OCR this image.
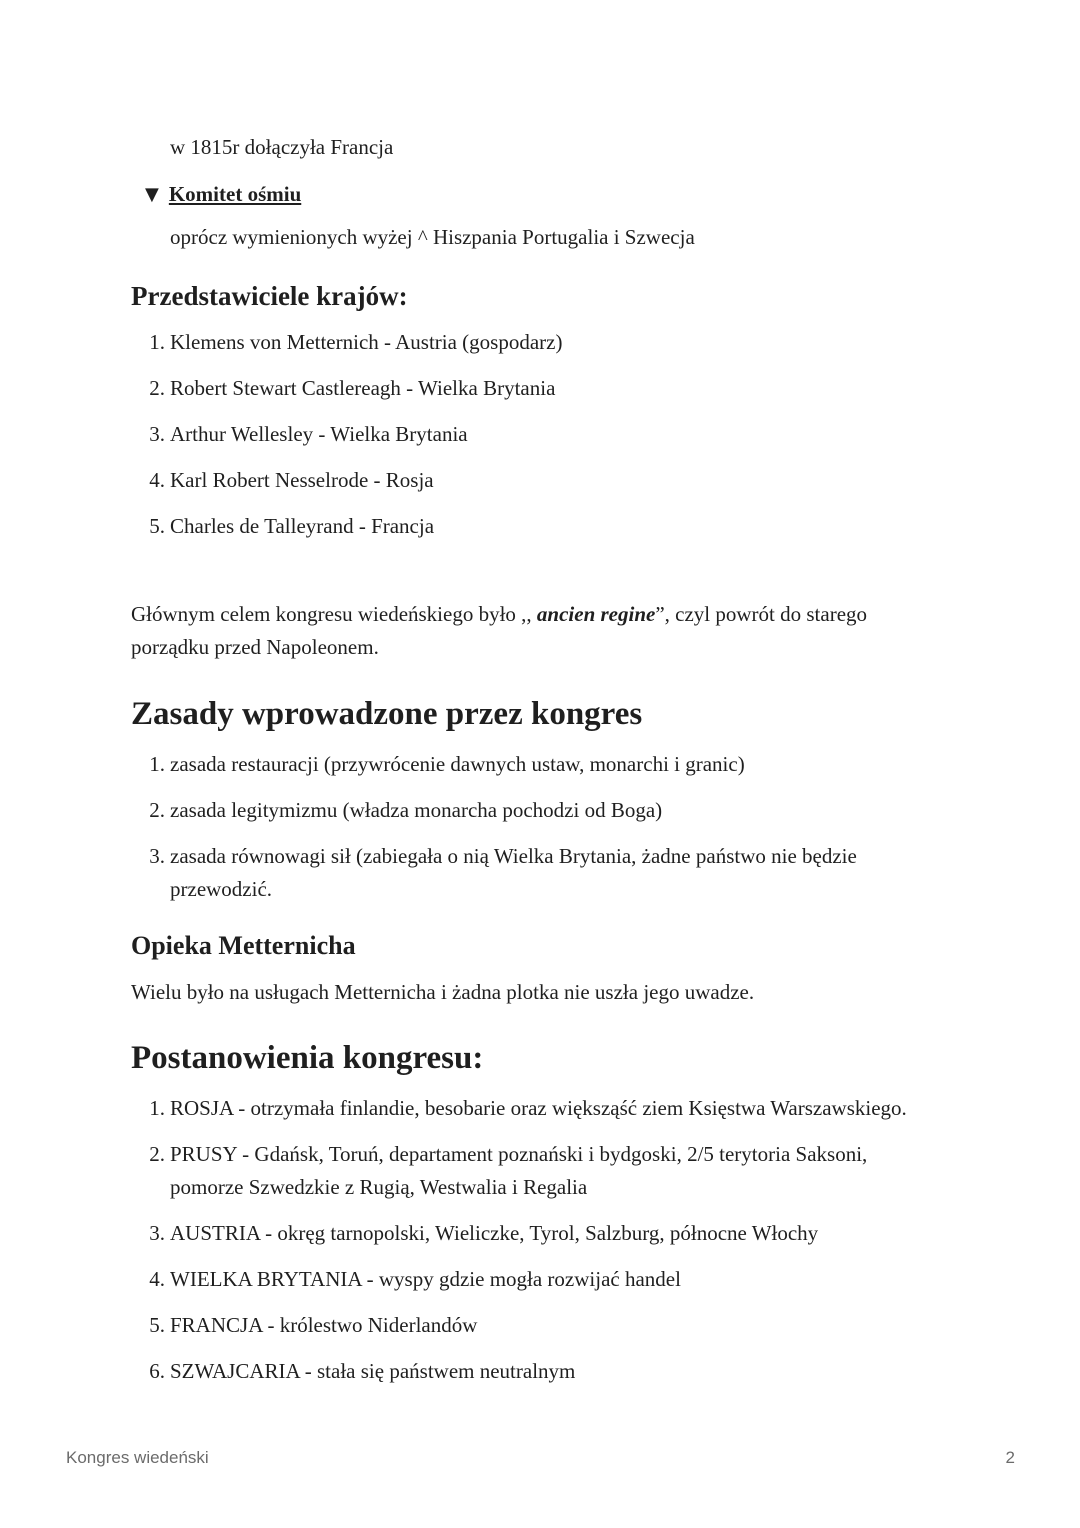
w 1815r dołączyła Francja
▼ Komitet ośmiu
oprócz wymienionych wyżej ^ Hiszpania Portugalia i Szwecja
Przedstawiciele krajów:
1. Klemens von Metternich - Austria (gospodarz)
2. Robert Stewart Castlereagh - Wielka Brytania
3. Arthur Wellesley - Wielka Brytania
4. Karl Robert Nesselrode - Rosja
5. Charles de Talleyrand - Francja
Głównym celem kongresu wiedeńskiego było ,, ancien regine”, czyl powrót do starego
porządku przed Napoleonem.
Zasady wprowadzone przez kongres
1. zasada restauracji (przywrócenie dawnych ustaw, monarchi i granic)
2. zasada legitymizmu (władza monarcha pochodzi od Boga)
3. zasada równowagi sił (zabiegała o nią Wielka Brytania, żadne państwo nie będzie przewodzić.
Opieka Metternicha
Wielu było na usługach Metternicha i żadna plotka nie uszła jego uwadze.
Postanowienia kongresu:
1. ROSJA - otrzymała finlandie, besobarie oraz większąść ziem Księstwa Warszawskiego.
2. PRUSY - Gdańsk, Toruń, departament poznański i bydgoski, 2/5 terytoria Saksoni, pomorze Szwedzkie z Rugią, Westwalia i Regalia
3. AUSTRIA - okręg tarnopolski, Wieliczke, Tyrol, Salzburg, północne Włochy
4. WIELKA BRYTANIA - wyspy gdzie mogła rozwijać handel
5. FRANCJA - królestwo Niderlandów
6. SZWAJCARIA - stała się państwem neutralnym
Kongres wiedeński	2
